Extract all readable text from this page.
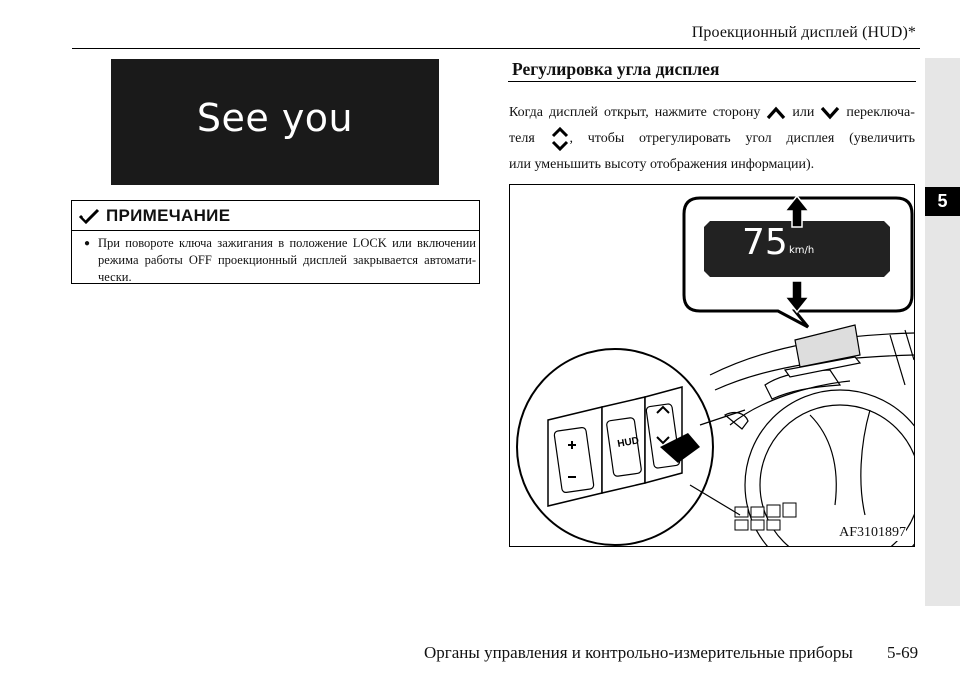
Проекционный дисплей (HUD)*
5
See you
ПРИМЕЧАНИЕ
● При повороте ключа зажигания в положение LOCK или включении режима работы OFF проекционный дисплей закрывается автомати-чески.
Регулировка угла дисплея
Когда дисплей открыт, нажмите сторону или переключа-
теля , чтобы отрегулировать угол дисплея (увеличить
или уменьшить высоту отображения информации).
HUD
75 km/h
AF3101897
Органы управления и контрольно-измерительные приборы 5-69
